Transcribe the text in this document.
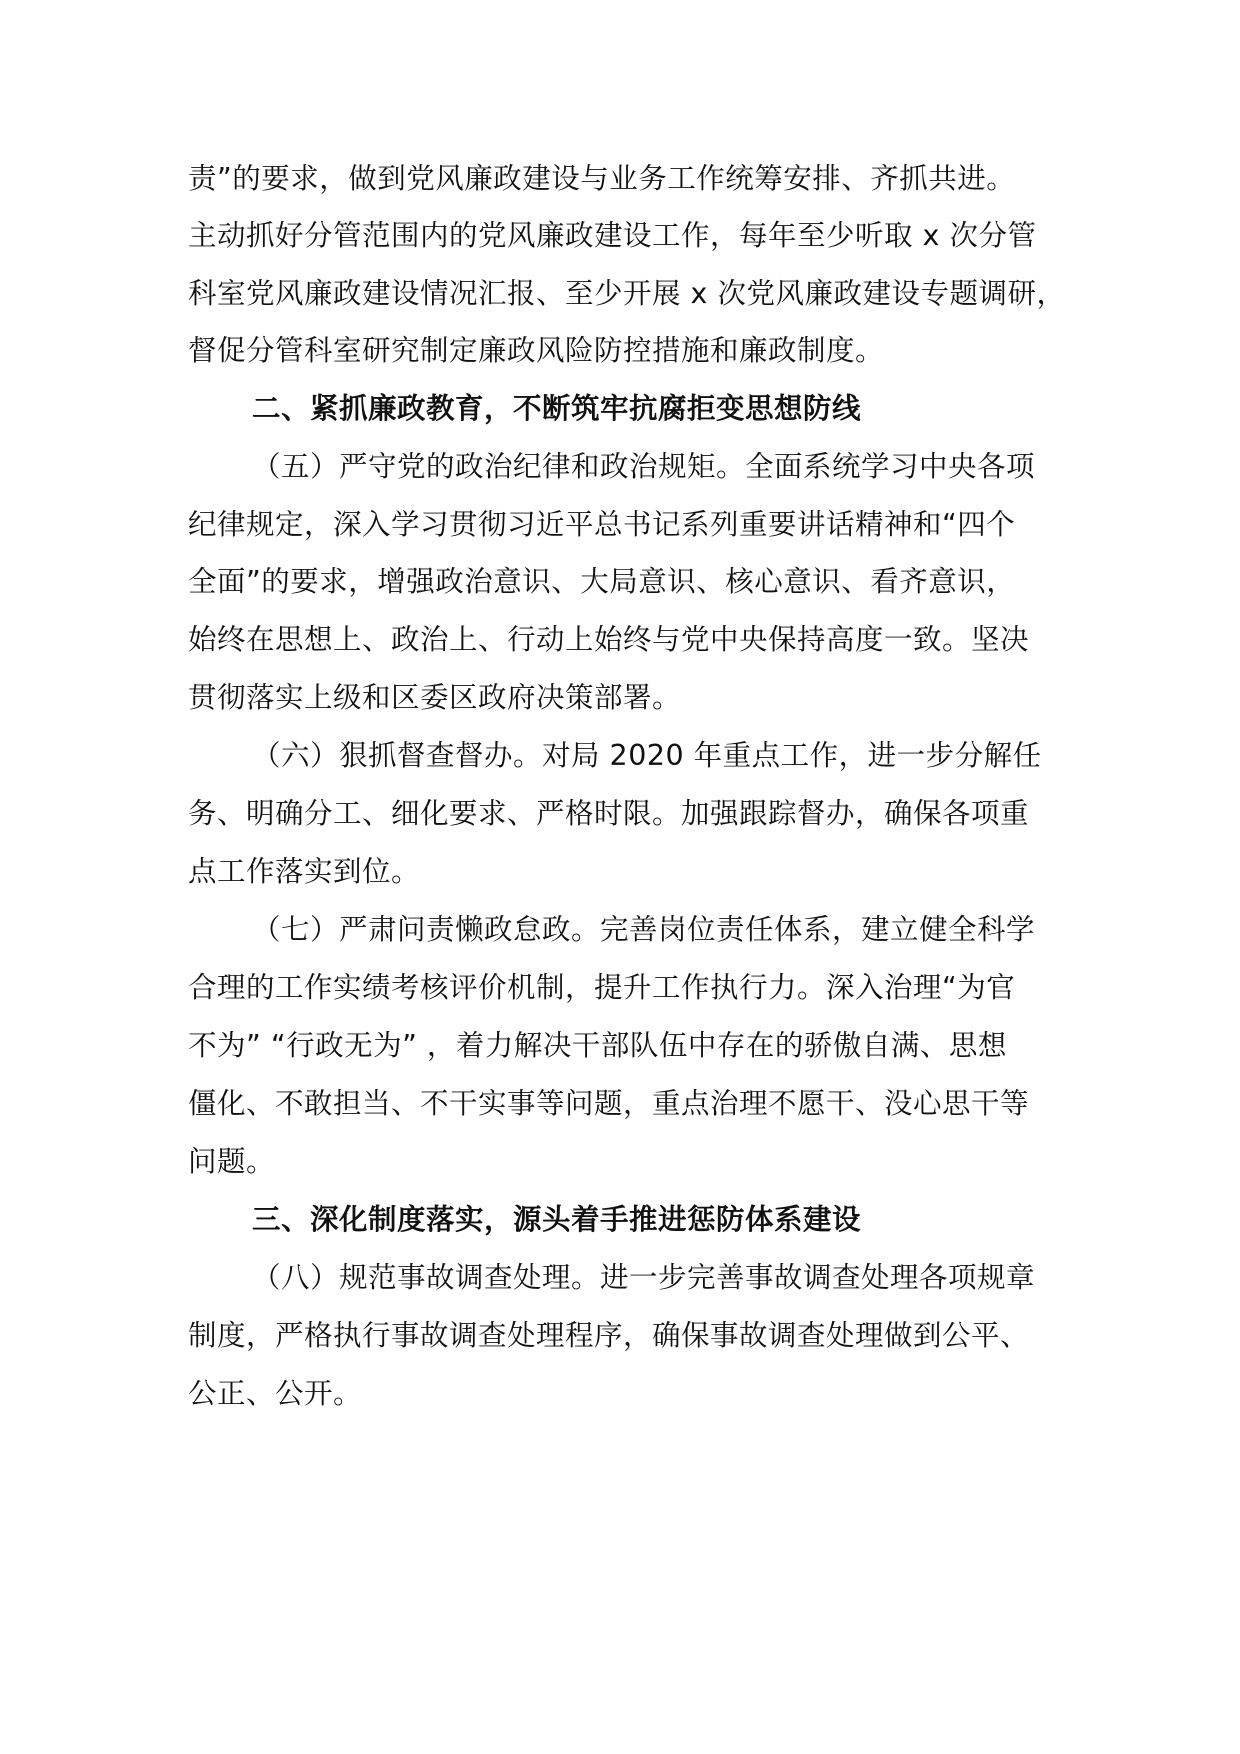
责”的要求，做到党风廉政建设与业务工作统筹安排、齐抓共进。
主动抓好分管范围内的党风廉政建设工作，每年至少听取 x 次分管
科室党风廉政建设情况汇报、至少开展 x 次党风廉政建设专题调研，
督促分管科室研究制定廉政风险防控措施和廉政制度。
二、紧抓廉政教育，不断筑牢抗腐拒变思想防线
（五）严守党的政治纪律和政治规矩。全面系统学习中央各项
纪律规定，深入学习贯彻习近平总书记系列重要讲话精神和“四个
全面”的要求，增强政治意识、大局意识、核心意识、看齐意识，
始终在思想上、政治上、行动上始终与党中央保持高度一致。坚决
贯彻落实上级和区委区政府决策部署。
（六）狠抓督查督办。对局 2020 年重点工作，进一步分解任
务、明确分工、细化要求、严格时限。加强跟踪督办，确保各项重
点工作落实到位。
（七）严肃问责懒政怠政。完善岗位责任体系，建立健全科学
合理的工作实绩考核评价机制，提升工作执行力。深入治理“为官
不为” “行政无为” ，着力解决干部队伍中存在的骄傲自满、思想
僵化、不敢担当、不干实事等问题，重点治理不愿干、没心思干等
问题。
三、深化制度落实，源头着手推进惩防体系建设
（八）规范事故调查处理。进一步完善事故调查处理各项规章
制度，严格执行事故调查处理程序，确保事故调查处理做到公平、
公正、公开。
